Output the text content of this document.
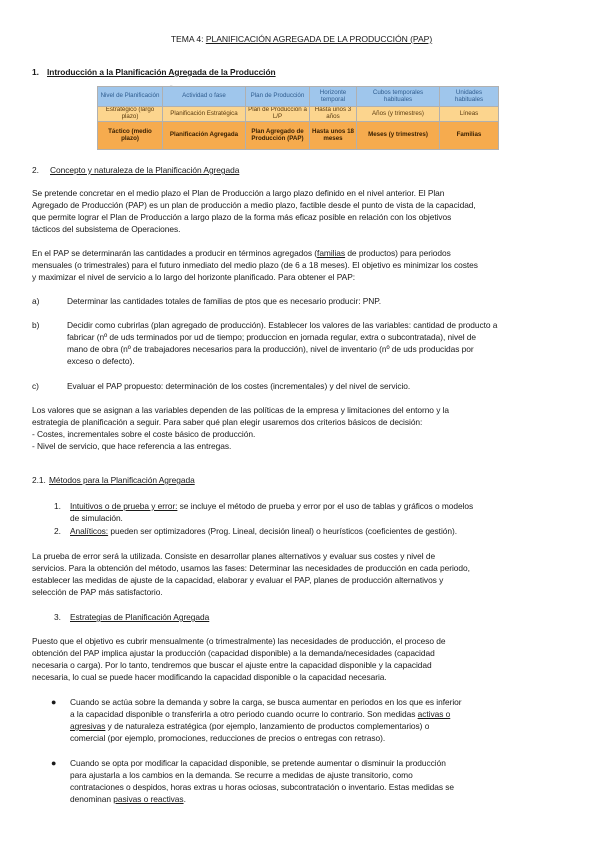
TEMA 4: PLANIFICACIÓN AGREGADA DE LA PRODUCCIÓN (PAP)
1. Introducción a la Planificación Agregada de la Producción
Nivel de Planificación	Actividad o fase	Plan de Producción	Horizonte temporal	Cubos temporales habituales	Unidades habituales
Estratégico (largo plazo)	Planificación Estratégica	Plan de Producción a L/P	Hasta unos 3 años	Años (y trimestres)	Líneas
Táctico (medio plazo)	Planificación Agregada	Plan Agregado de Producción (PAP)	Hasta unos 18 meses	Meses (y trimestres)	Familias
2. Concepto y naturaleza de la Planificación Agregada
Se pretende concretar en el medio plazo el Plan de Producción a largo plazo definido en el nivel anterior. El Plan
Agregado de Producción (PAP) es un plan de producción a medio plazo, factible desde el punto de vista de la capacidad,
que permite lograr el Plan de Producción a largo plazo de la forma más eficaz posible en relación con los objetivos
tácticos del subsistema de Operaciones.
En el PAP se determinarán las cantidades a producir en términos agregados (familias de productos) para periodos
mensuales (o trimestrales) para el futuro inmediato del medio plazo (de 6 a 18 meses). El objetivo es minimizar los costes
y maximizar el nivel de servicio a lo largo del horizonte planificado. Para obtener el PAP:
a)	Determinar las cantidades totales de familias de ptos que es necesario producir: PNP.
b)	Decidir como cubrirlas (plan agregado de producción). Establecer los valores de las variables: cantidad de producto a
fabricar (nº de uds terminados por ud de tiempo; produccion en jornada regular, extra o subcontratada), nivel de
mano de obra (nº de trabajadores necesarios para la producción), nivel de inventario (nº de uds producidas por
exceso o defecto).
c)	Evaluar el PAP propuesto: determinación de los costes (incrementales) y del nivel de servicio.
Los valores que se asignan a las variables dependen de las políticas de la empresa y limitaciones del entorno y la
estrategia de planificación a seguir. Para saber qué plan elegir usaremos dos criterios básicos de decisión:
- Costes, incrementales sobre el coste básico de producción.
- Nivel de servicio, que hace referencia a las entregas.
2.1. Métodos para la Planificación Agregada
1. Intuitivos o de prueba y error: se incluye el método de prueba y error por el uso de tablas y gráficos o modelos
de simulación.
2. Analíticos: pueden ser optimizadores (Prog. Lineal, decisión lineal) o heurísticos (coeficientes de gestión).
La prueba de error será la utilizada. Consiste en desarrollar planes alternativos y evaluar sus costes y nivel de
servicios. Para la obtención del método, usamos las fases: Determinar las necesidades de producción en cada periodo,
establecer las medidas de ajuste de la capacidad, elaborar y evaluar el PAP, planes de producción alternativos y
selección de PAP más satisfactorio.
3. Estrategias de Planificación Agregada
Puesto que el objetivo es cubrir mensualmente (o trimestralmente) las necesidades de producción, el proceso de
obtención del PAP implica ajustar la producción (capacidad disponible) a la demanda/necesidades (capacidad
necesaria o carga). Por lo tanto, tendremos que buscar el ajuste entre la capacidad disponible y la capacidad
necesaria, lo cual se puede hacer modificando la capacidad disponible o la capacidad necesaria.
● Cuando se actúa sobre la demanda y sobre la carga, se busca aumentar en periodos en los que es inferior
a la capacidad disponible o transferirla a otro periodo cuando ocurre lo contrario. Son medidas activas o
agresivas y de naturaleza estratégica (por ejemplo, lanzamiento de productos complementarios) o
comercial (por ejemplo, promociones, reducciones de precios o entregas con retraso).
● Cuando se opta por modificar la capacidad disponible, se pretende aumentar o disminuir la producción
para ajustarla a los cambios en la demanda. Se recurre a medidas de ajuste transitorio, como
contrataciones o despidos, horas extras u horas ociosas, subcontratación o inventario. Estas medidas se
denominan pasivas o reactivas.
